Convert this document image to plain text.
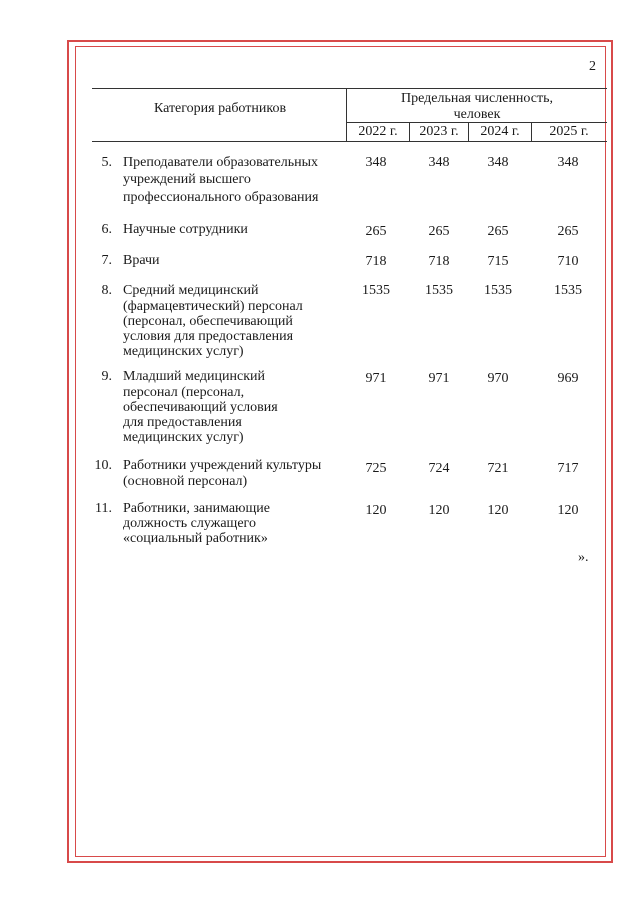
2
Категория работников
Предельная численность,
человек
2022 г.	2023 г.	2024 г.	2025 г.
5. Преподаватели образовательных
учреждений высшего
профессионального образования
348	348	348	348
6. Научные сотрудники	265	265	265	265
7. Врачи	718	718	715	710
8. Средний медицинский
(фармацевтический) персонал
(персонал, обеспечивающий
условия для предоставления
медицинских услуг)
1535	1535	1535	1535
9. Младший медицинский
персонал (персонал,
обеспечивающий условия
для предоставления
медицинских услуг)
971	971	970	969
10. Работники учреждений культуры
(основной персонал)
725	724	721	717
11. Работники, занимающие
должность служащего
«социальный работник»
120	120	120	120
».
